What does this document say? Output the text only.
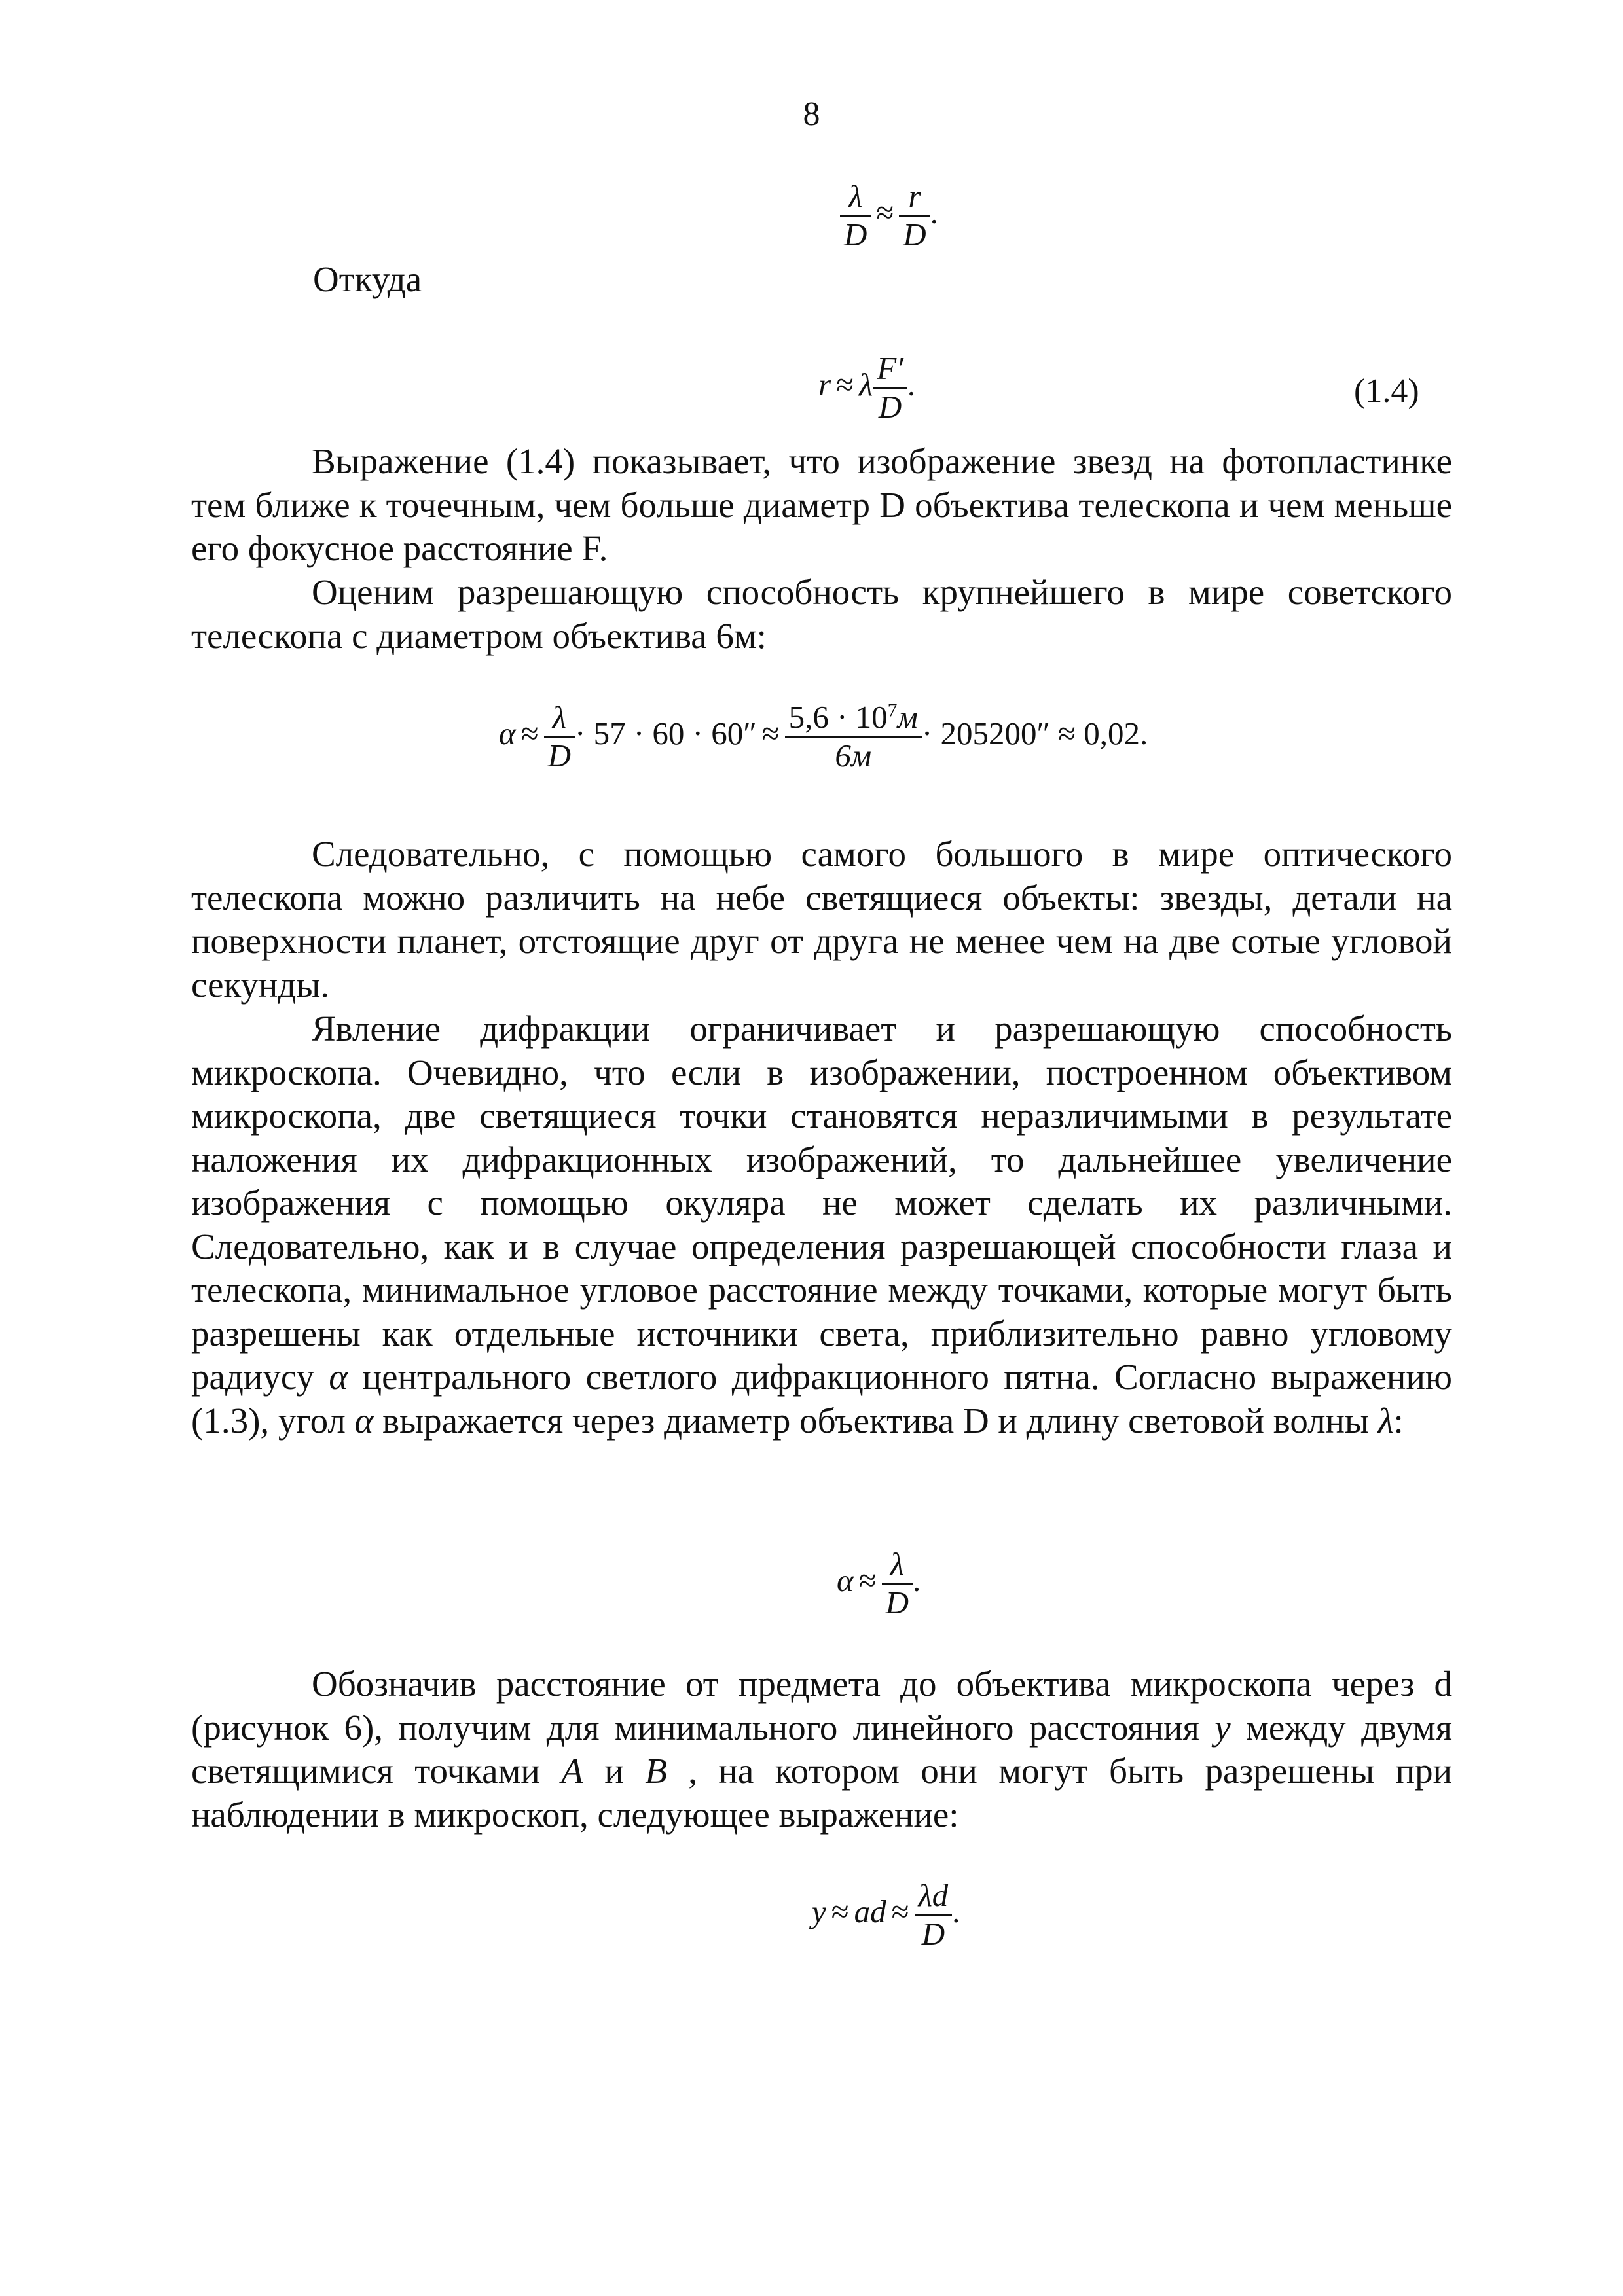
8
$\frac{\lambda}{D} \approx \frac{r}{D}$ .
Откуда
r ≈ λ $\frac{F'}{D}$ .	(1.4)

Выражение (1.4) показывает, что изображение звезд на фотопластинке тем ближе к точечным, чем больше диаметр D объектива телескопа и чем меньше его фокусное расстояние F.

Оценим разрешающую способность крупнейшего в мире советского телескопа с диаметром объектива 6м:

$\alpha \approx \frac{\lambda}{D} \cdot 57 \cdot 60 \cdot 60'' \approx \frac{5,6 \cdot 10^7м}{6м} \cdot 205200'' \approx 0,02$.

Следовательно, с помощью самого большого в мире оптического телескопа можно различить на небе светящиеся объекты: звезды, детали на поверхности планет, отстоящие друг от друга не менее чем на две сотые угловой секунды.

Явление дифракции ограничивает и разрешающую способность микроскопа. Очевидно, что если в изображении, построенном объективом микроскопа, две светящиеся точки становятся неразличимыми в результате наложения их дифракционных изображений, то дальнейшее увеличение изображения с помощью окуляра не может сделать их различными. Следовательно, как и в случае определения разрешающей способности глаза и телескопа, минимальное угловое расстояние между точками, которые могут быть разрешены как отдельные источники света, приблизительно равно угловому радиусу α центрального светлого дифракционного пятна. Согласно выражению (1.3), угол α выражается через диаметр объектива D и длину световой волны λ:

$\alpha \approx \frac{\lambda}{D}$ .

Обозначив расстояние от предмета до объектива микроскопа через d (рисунок 6), получим для минимального линейного расстояния y между двумя светящимися точками A и B , на котором они могут быть разрешены при наблюдении в микроскоп, следующее выражение:

y ≈ ad ≈ $\frac{\lambda d}{D}$ .
